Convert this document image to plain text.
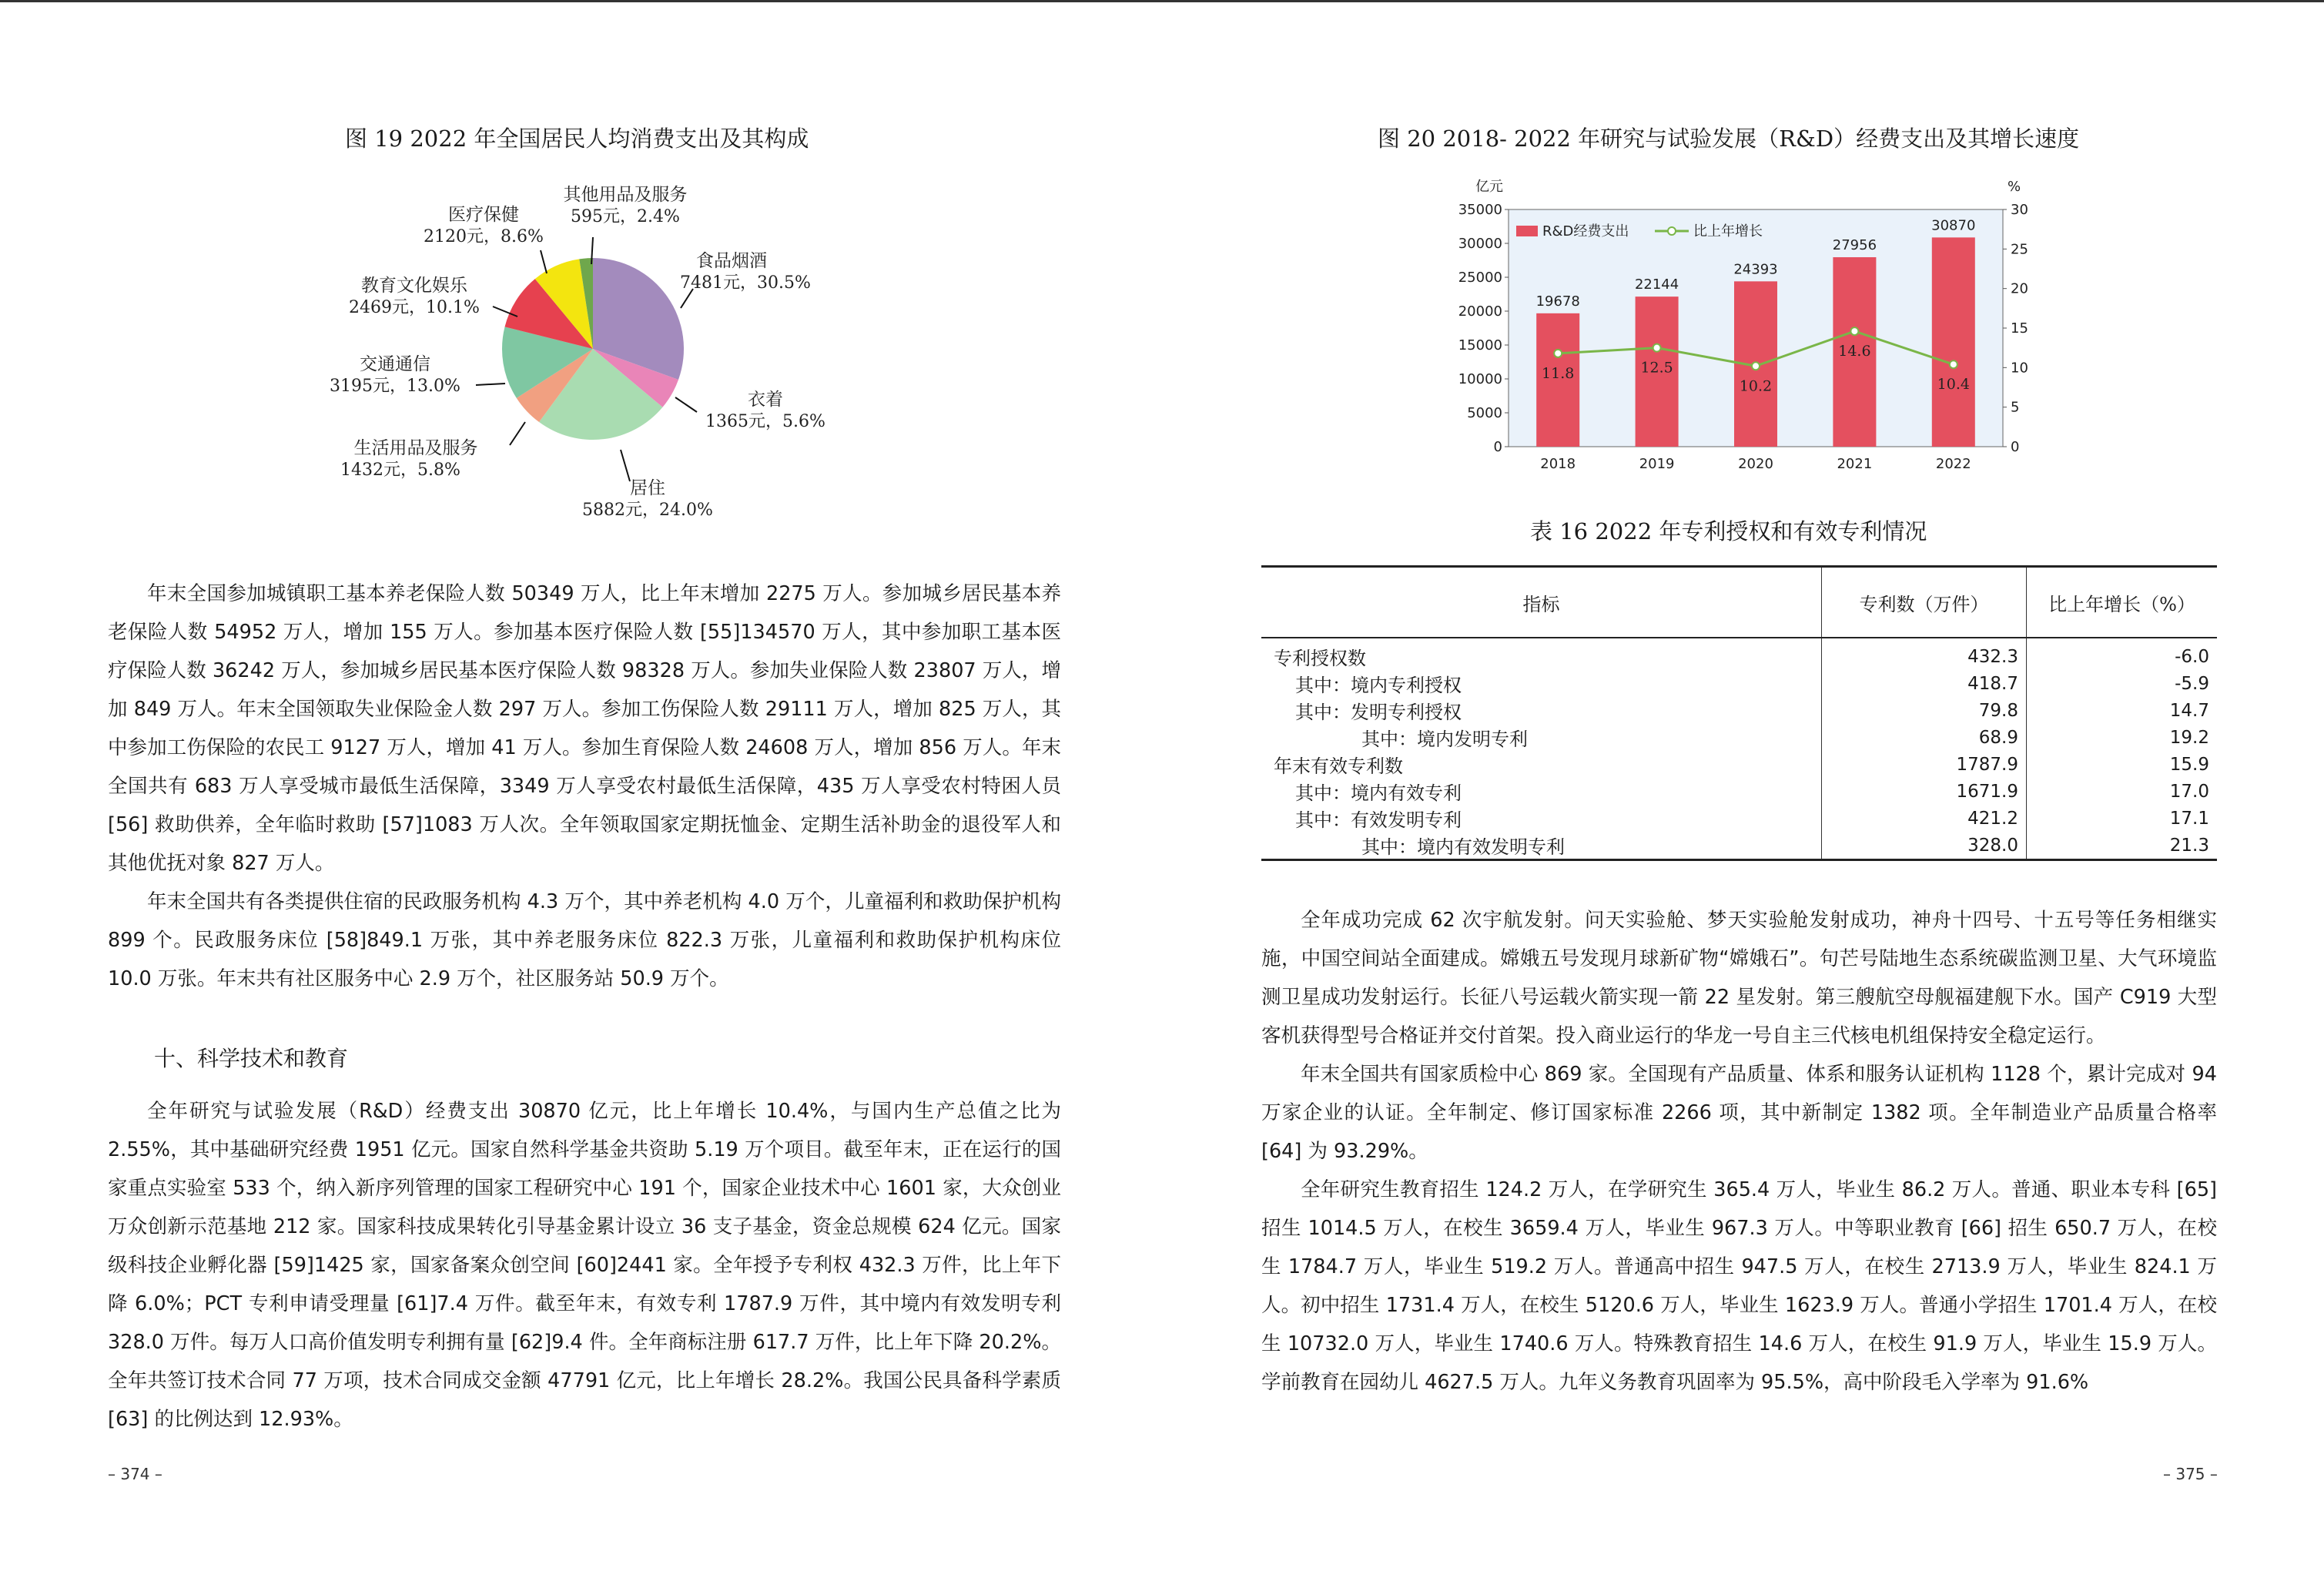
图 19 2022 年全国居民人均消费支出及其构成
食品烟酒
7481元，30.5%
衣着
1365元，5.6%
居住
5882元，24.0%
生活用品及服务
1432元，5.8%
交通通信
3195元，13.0%
教育文化娱乐
2469元，10.1%
医疗保健
2120元，8.6%
其他用品及服务
595元，2.4%

年末全国参加城镇职工基本养老保险人数 50349 万人，比上年末增加 2275 万人。参加城乡居民基本养老保险人数 54952 万人，增加 155 万人。参加基本医疗保险人数 [55]134570 万人，其中参加职工基本医疗保险人数 36242 万人，参加城乡居民基本医疗保险人数 98328 万人。参加失业保险人数 23807 万人，增加 849 万人。年末全国领取失业保险金人数 297 万人。参加工伤保险人数 29111 万人，增加 825 万人，其中参加工伤保险的农民工 9127 万人，增加 41 万人。参加生育保险人数 24608 万人，增加 856 万人。年末全国共有 683 万人享受城市最低生活保障，3349 万人享受农村最低生活保障，435 万人享受农村特困人员 [56] 救助供养，全年临时救助 [57]1083 万人次。全年领取国家定期抚恤金、定期生活补助金的退役军人和其他优抚对象 827 万人。

年末全国共有各类提供住宿的民政服务机构 4.3 万个，其中养老机构 4.0 万个，儿童福利和救助保护机构 899 个。民政服务床位 [58]849.1 万张，其中养老服务床位 822.3 万张，儿童福利和救助保护机构床位 10.0 万张。年末共有社区服务中心 2.9 万个，社区服务站 50.9 万个。

十、科学技术和教育

全年研究与试验发展（R&D）经费支出 30870 亿元，比上年增长 10.4%，与国内生产总值之比为 2.55%，其中基础研究经费 1951 亿元。国家自然科学基金共资助 5.19 万个项目。截至年末，正在运行的国家重点实验室 533 个，纳入新序列管理的国家工程研究中心 191 个，国家企业技术中心 1601 家，大众创业万众创新示范基地 212 家。国家科技成果转化引导基金累计设立 36 支子基金，资金总规模 624 亿元。国家级科技企业孵化器 [59]1425 家，国家备案众创空间 [60]2441 家。全年授予专利权 432.3 万件，比上年下降 6.0%；PCT 专利申请受理量 [61]7.4 万件。截至年末，有效专利 1787.9 万件，其中境内有效发明专利 328.0 万件。每万人口高价值发明专利拥有量 [62]9.4 件。全年商标注册 617.7 万件，比上年下降 20.2%。全年共签订技术合同 77 万项，技术合同成交金额 47791 亿元，比上年增长 28.2%。我国公民具备科学素质 [63] 的比例达到 12.93%。

– 374 –
图 20 2018- 2022 年研究与试验发展（R&D）经费支出及其增长速度
0
5000
10000
15000
20000
25000
30000
35000
0
5
10
15
20
25
30
19678
2018
22144
2019
24393
2020
27956
2021
30870
2022
11.8	12.5
10.2
14.6
10.4
R&D经费支出	比上年增长
亿元	%
表 16 2022 年专利授权和有效专利情况
指标	专利数（万件）	比上年增长（%）
专利授权数	432.3	-6.0
其中：境内专利授权	418.7	-5.9
其中：发明专利授权	79.8	14.7
其中：境内发明专利	68.9	19.2
年末有效专利数	1787.9	15.9
其中：境内有效专利	1671.9	17.0
其中：有效发明专利	421.2	17.1
其中：境内有效发明专利	328.0	21.3

全年成功完成 62 次宇航发射。问天实验舱、梦天实验舱发射成功，神舟十四号、十五号等任务相继实施，中国空间站全面建成。嫦娥五号发现月球新矿物“嫦娥石”。句芒号陆地生态系统碳监测卫星、大气环境监测卫星成功发射运行。长征八号运载火箭实现一箭 22 星发射。第三艘航空母舰福建舰下水。国产 C919 大型客机获得型号合格证并交付首架。投入商业运行的华龙一号自主三代核电机组保持安全稳定运行。

年末全国共有国家质检中心 869 家。全国现有产品质量、体系和服务认证机构 1128 个，累计完成对 94 万家企业的认证。全年制定、修订国家标准 2266 项，其中新制定 1382 项。全年制造业产品质量合格率 [64] 为 93.29%。

全年研究生教育招生 124.2 万人，在学研究生 365.4 万人，毕业生 86.2 万人。普通、职业本专科 [65] 招生 1014.5 万人，在校生 3659.4 万人，毕业生 967.3 万人。中等职业教育 [66] 招生 650.7 万人，在校生 1784.7 万人，毕业生 519.2 万人。普通高中招生 947.5 万人，在校生 2713.9 万人，毕业生 824.1 万人。初中招生 1731.4 万人，在校生 5120.6 万人，毕业生 1623.9 万人。普通小学招生 1701.4 万人，在校生 10732.0 万人，毕业生 1740.6 万人。特殊教育招生 14.6 万人，在校生 91.9 万人，毕业生 15.9 万人。学前教育在园幼儿 4627.5 万人。九年义务教育巩固率为 95.5%，高中阶段毛入学率为 91.6%

– 375 –
